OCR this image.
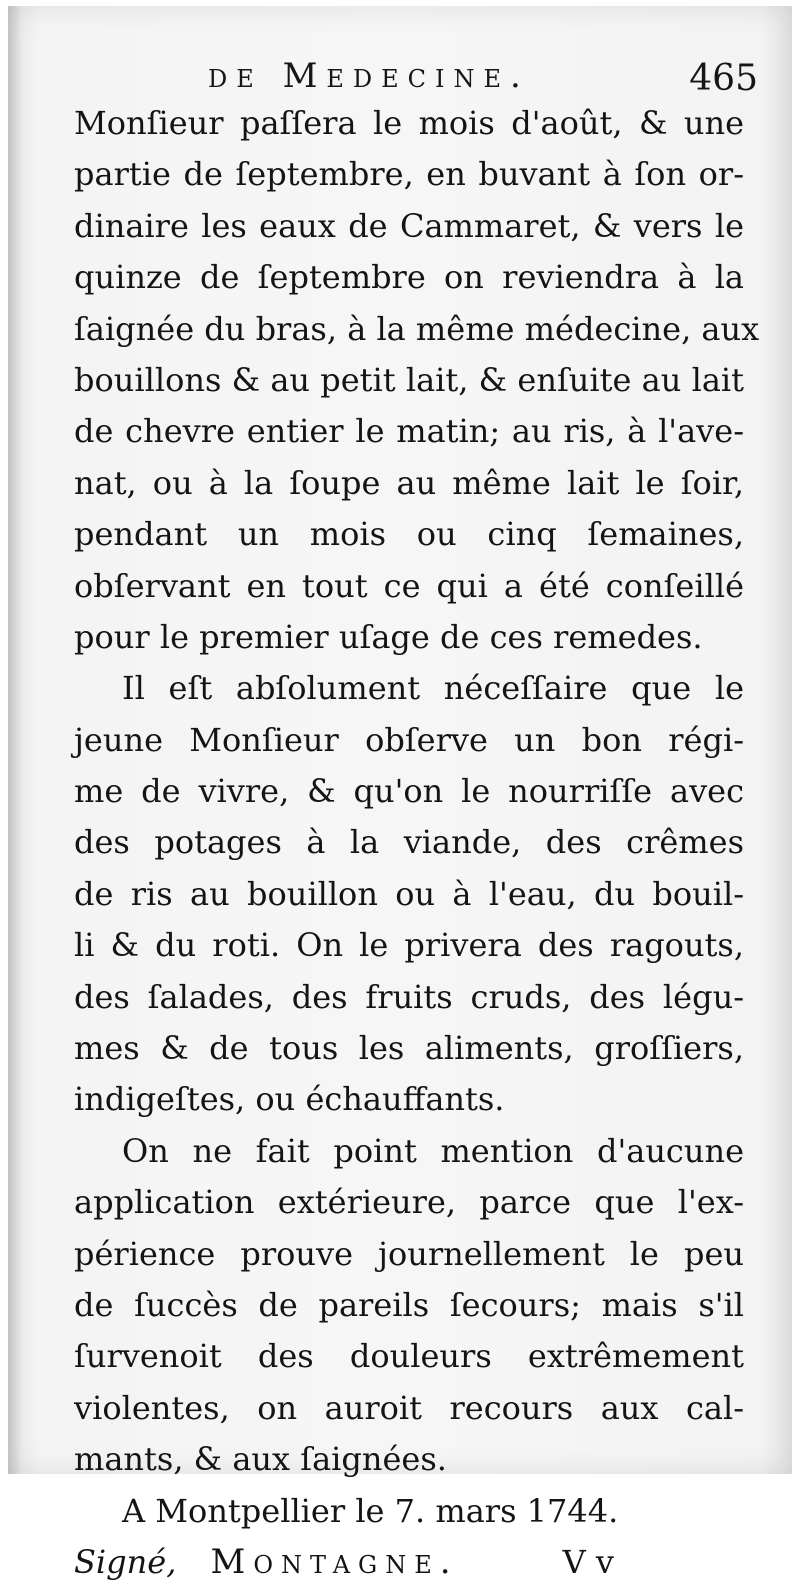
de Medecine.	465
Monſieur paſſera le mois d'août, & une
partie de ſeptembre, en buvant à ſon or-
dinaire les eaux de Cammaret, & vers le
quinze de ſeptembre on reviendra à la
ſaignée du bras, à la même médecine, aux
bouillons & au petit lait, & enſuite au lait
de chevre entier le matin; au ris, à l'ave-
nat, ou à la ſoupe au même lait le ſoir,
pendant un mois ou cinq ſemaines,
obſervant en tout ce qui a été conſeillé
pour le premier uſage de ces remedes.
Il eſt abſolument néceſſaire que le
jeune Monſieur obſerve un bon régi-
me de vivre, & qu'on le nourriſſe avec
des potages à la viande, des crêmes
de ris au bouillon ou à l'eau, du bouil-
li & du roti. On le privera des ragouts,
des ſalades, des fruits cruds, des légu-
mes & de tous les aliments, groſſiers,
indigeſtes, ou échauffants.
On ne fait point mention d'aucune
application extérieure, parce que l'ex-
périence prouve journellement le peu
de ſuccès de pareils ſecours; mais s'il
ſurvenoit des douleurs extrêmement
violentes, on auroit recours aux cal-
mants, & aux ſaignées.
A Montpellier le 7. mars 1744.
Signé, Montagne.	V v
